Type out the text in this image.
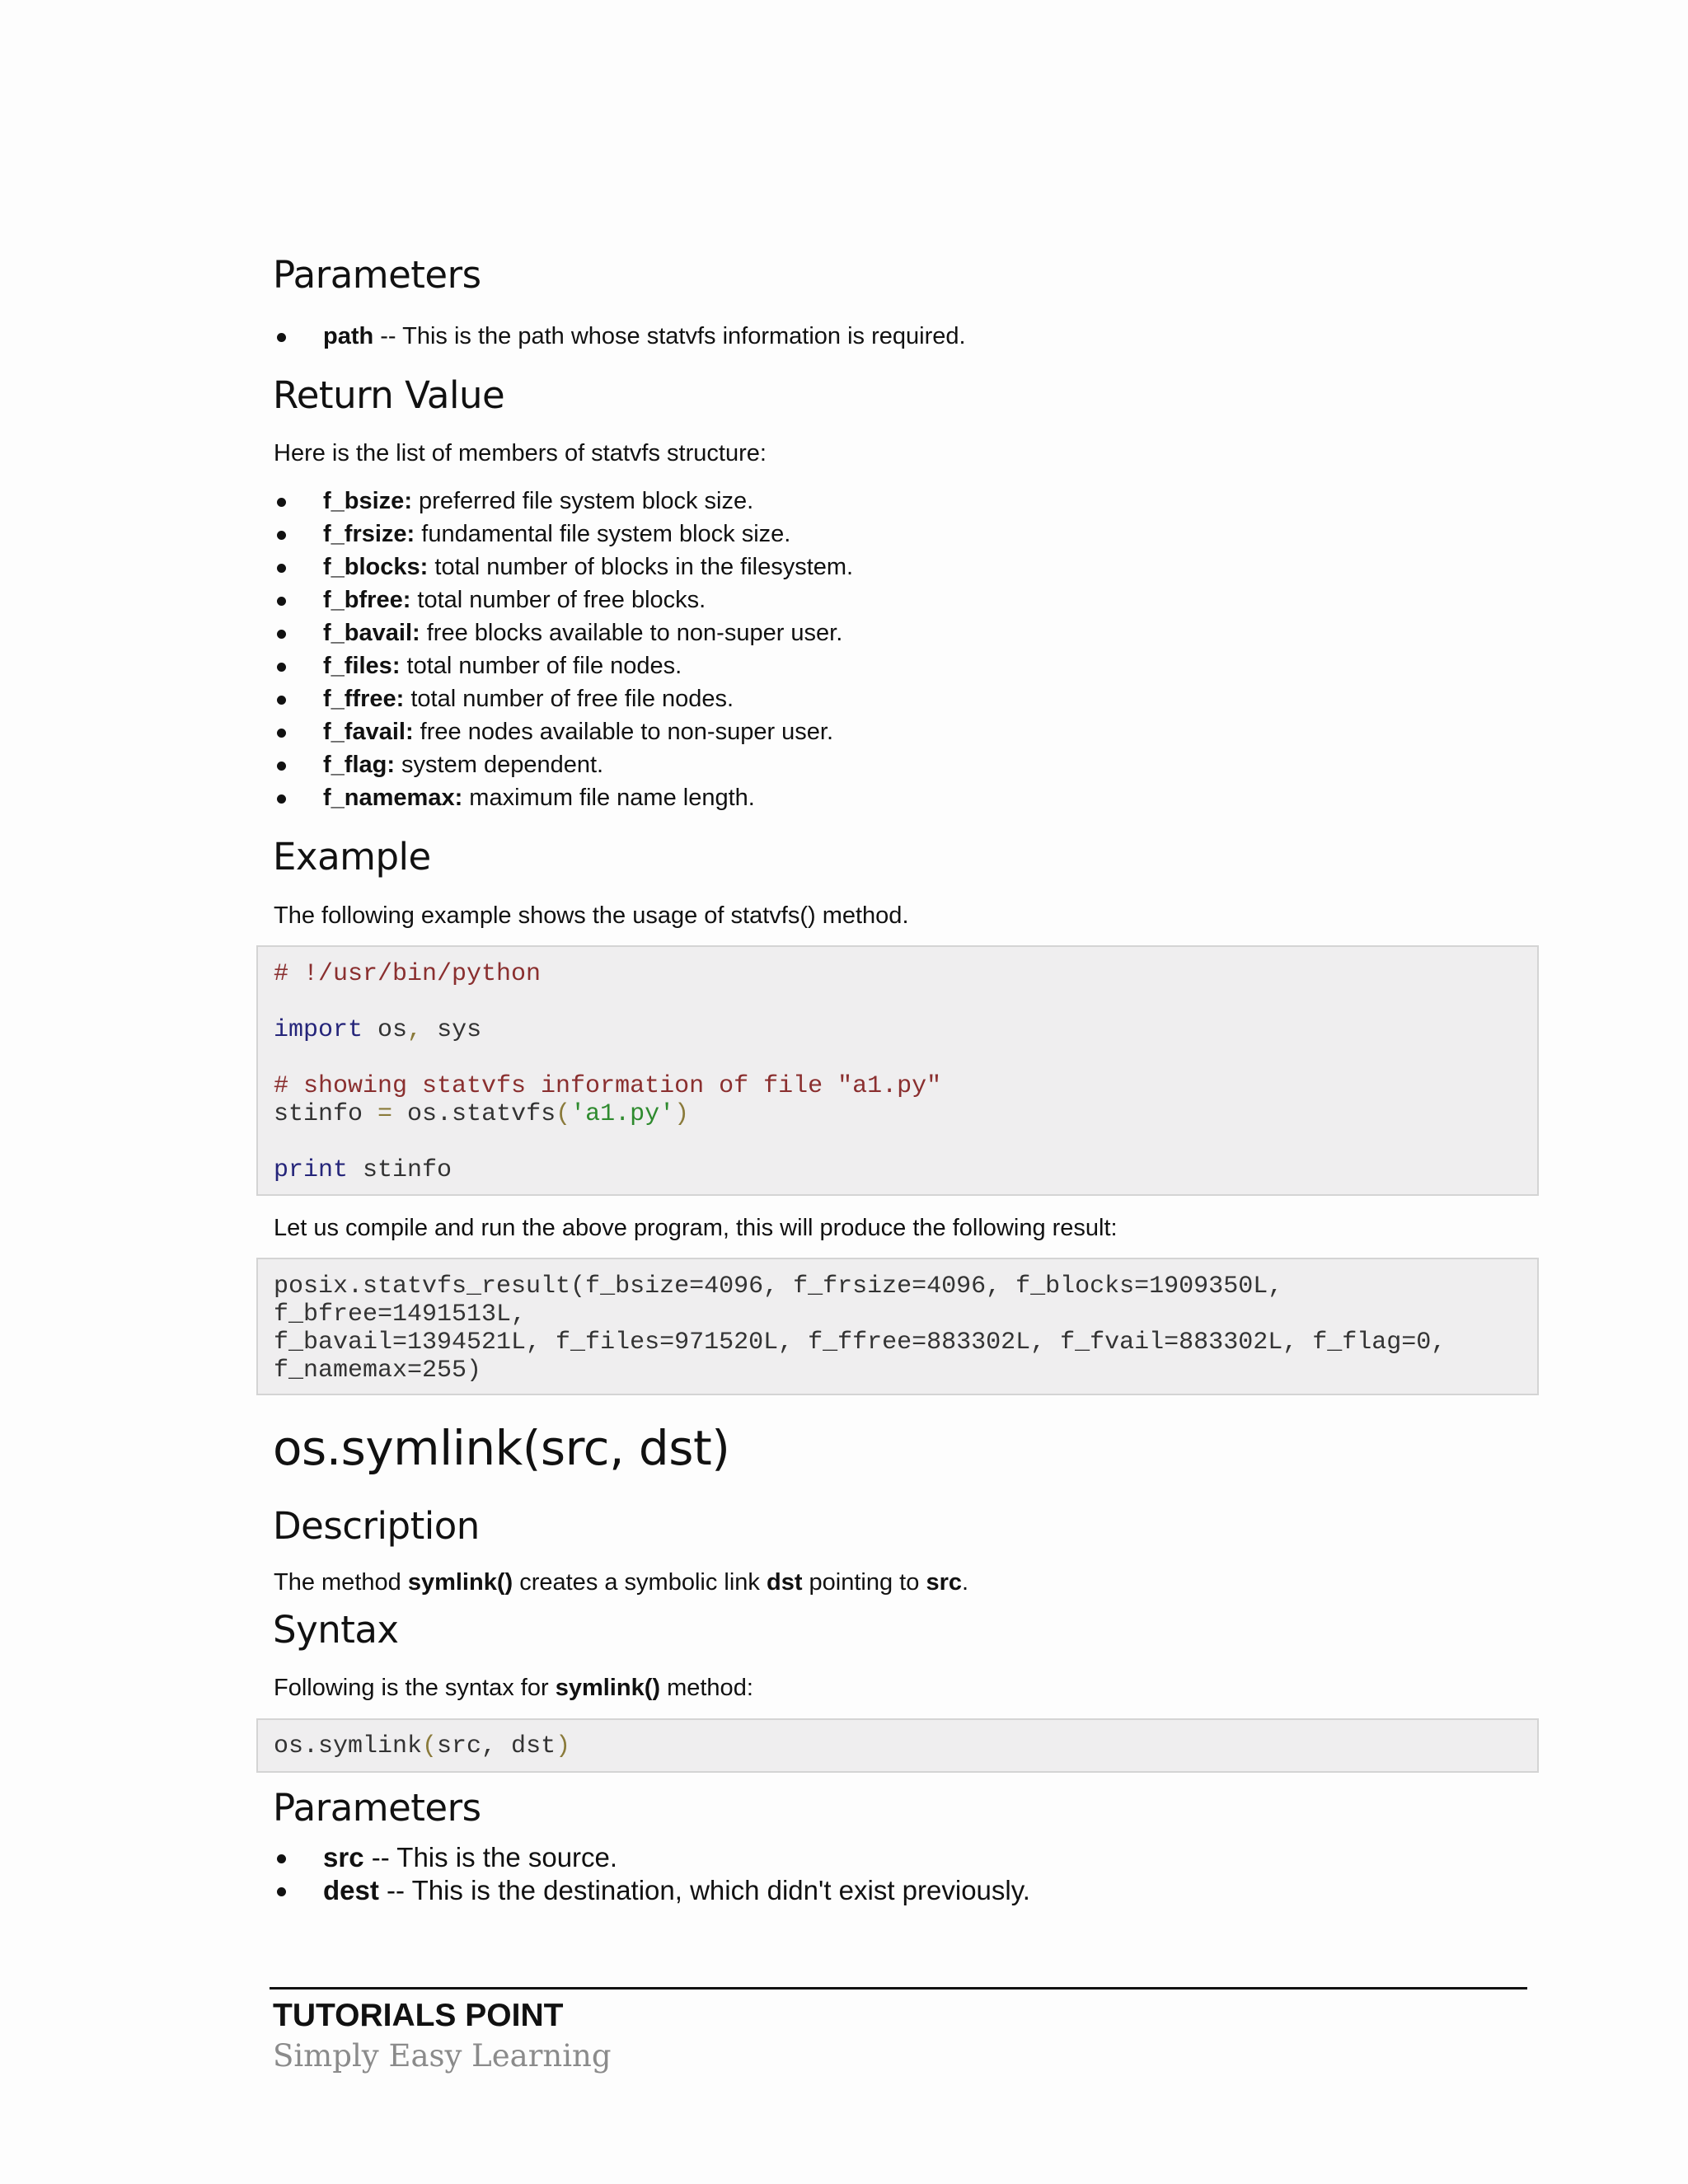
Parameters
path -- This is the path whose statvfs information is required.
Return Value
Here is the list of members of statvfs structure:
f_bsize: preferred file system block size.
f_frsize: fundamental file system block size.
f_blocks: total number of blocks in the filesystem.
f_bfree: total number of free blocks.
f_bavail: free blocks available to non-super user.
f_files: total number of file nodes.
f_ffree: total number of free file nodes.
f_favail: free nodes available to non-super user.
f_flag: system dependent.
f_namemax: maximum file name length.
Example
The following example shows the usage of statvfs() method.
# !/usr/bin/python
import os, sys
# showing statvfs information of file "a1.py"
stinfo = os.statvfs('a1.py')
print stinfo
Let us compile and run the above program, this will produce the following result:
posix.statvfs_result(f_bsize=4096, f_frsize=4096, f_blocks=1909350L,
f_bfree=1491513L,
f_bavail=1394521L, f_files=971520L, f_ffree=883302L, f_fvail=883302L, f_flag=0,
f_namemax=255)
os.symlink(src, dst)
Description
The method symlink() creates a symbolic link dst pointing to src.
Syntax
Following is the syntax for symlink() method:
os.symlink(src, dst)
Parameters
src -- This is the source.
dest -- This is the destination, which didn't exist previously.
TUTORIALS POINT
Simply Easy Learning
